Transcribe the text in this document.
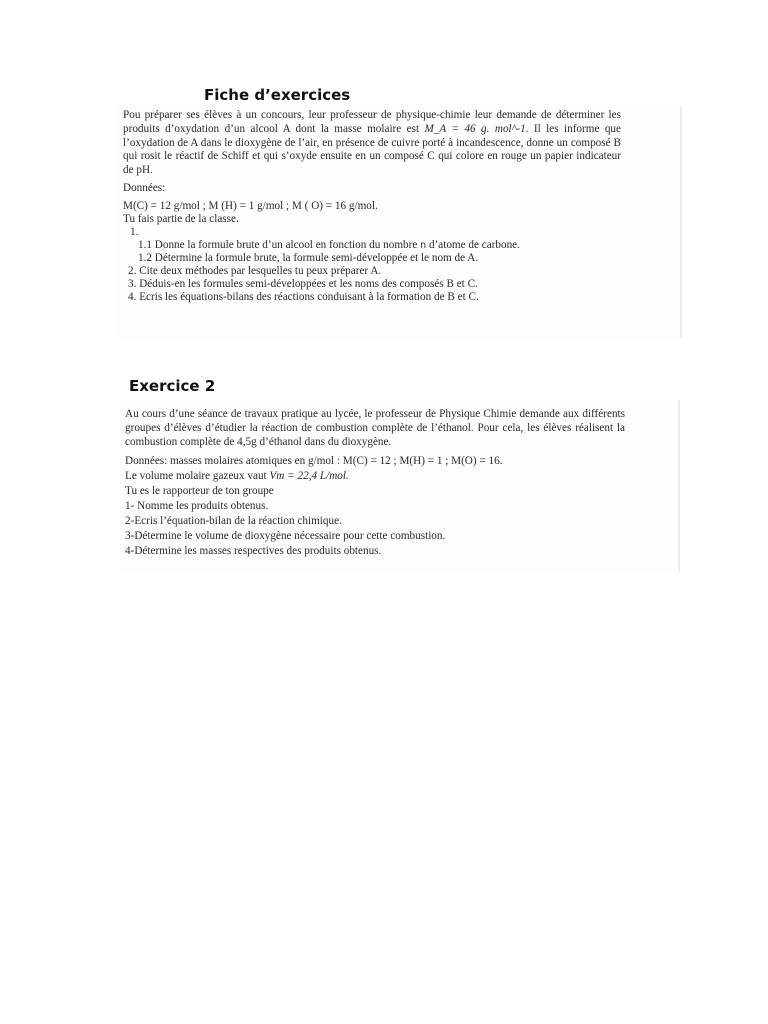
Fiche d’exercices
Pou préparer ses élèves à un concours, leur professeur de physique-chimie leur demande de déterminer les produits d’oxydation d’un alcool A dont la masse molaire est M_A = 46 g. mol^-1. Il les informe que l’oxydation de A dans le dioxygène de l’air, en présence de cuivre porté à incandescence, donne un composé B qui rosit le réactif de Schiff et qui s’oxyde ensuite en un composé C qui colore en rouge un papier indicateur de pH.
Données:
M(C) = 12 g/mol ; M (H) = 1 g/mol ; M ( O) = 16 g/mol.
Tu fais partie de la classe.
1.
1.1 Donne la formule brute d’un alcool en fonction du nombre n d’atome de carbone.
1.2 Détermine la formule brute, la formule semi-développée et le nom de A.
2. Cite deux méthodes par lesquelles tu peux préparer A.
3. Déduis-en les formules semi-développées et les noms des composés B et C.
4. Ecris les équations-bilans des réactions conduisant à la formation de B et C.
Exercice 2
Au cours d’une séance de travaux pratique au lycée, le professeur de Physique Chimie demande aux différents groupes d’élèves d’étudier la réaction de combustion complète de l’éthanol. Pour cela, les élèves réalisent la combustion complète de 4,5g d’éthanol dans du dioxygène.
Données: masses molaires atomiques en g/mol : M(C) = 12 ; M(H) = 1 ; M(O) = 16.
Le volume molaire gazeux vaut Vm = 22,4 L/mol.
Tu es le rapporteur de ton groupe
1- Nomme les produits obtenus.
2-Ecris l’équation-bilan de la réaction chimique.
3-Détermine le volume de dioxygène nécessaire pour cette combustion.
4-Détermine les masses respectives des produits obtenus.
